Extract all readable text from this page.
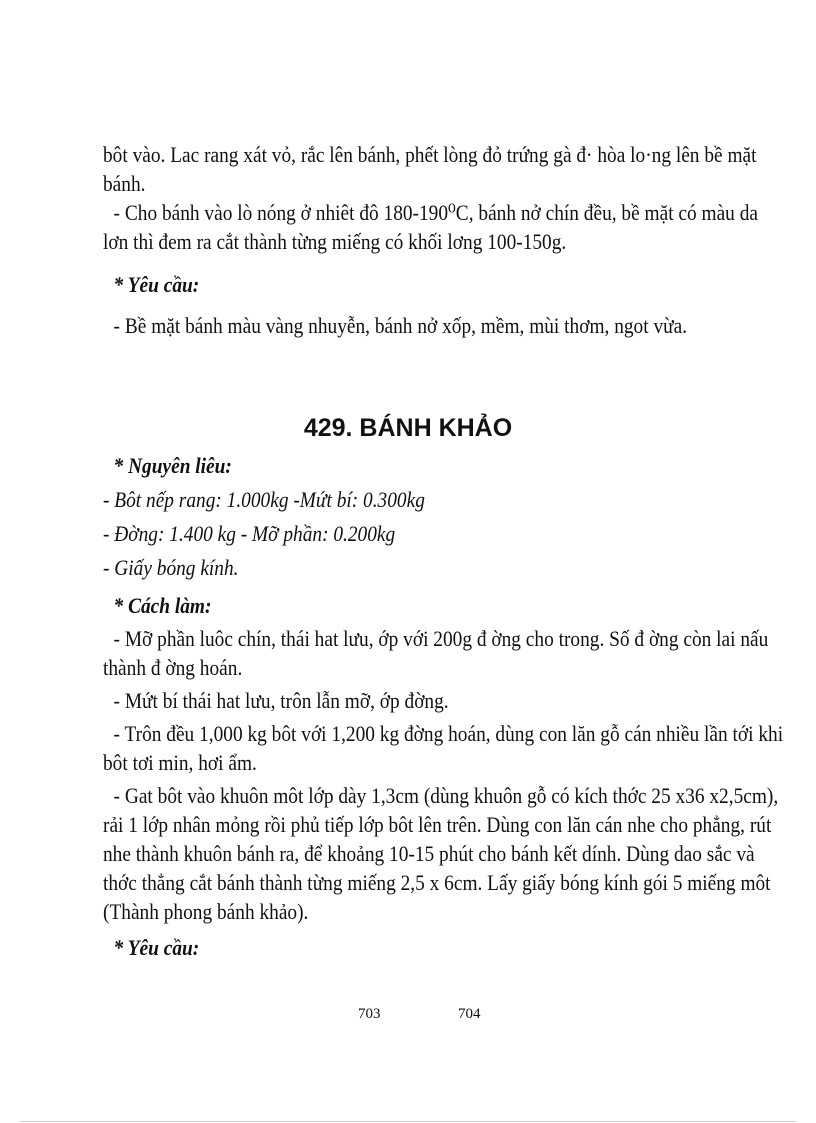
bôt vào. Lac rang xát vỏ, rắc lên bánh, phết lòng đỏ trứng gà đ· hòa lo·ng lên bề mặt
bánh.
- Cho bánh vào lò nóng ở nhiêt đô 180-190⁰C, bánh nở chín đều, bề mặt có màu da
lơn thì đem ra cắt thành từng miếng có khối lơng 100-150g.
* Yêu cầu:
- Bề mặt bánh màu vàng nhuyễn, bánh nở xốp, mềm, mùi thơm, ngot vừa.
429. BÁNH KHẢO
* Nguyên liêu:
- Bôt nếp rang: 1.000kg -Mứt bí: 0.300kg
- Đờng: 1.400 kg - Mỡ phần: 0.200kg
- Giấy bóng kính.
* Cách làm:
- Mỡ phần luôc chín, thái hat lưu, ớp với 200g đ ờng cho trong. Số đ ờng còn lai nấu
thành đ ờng hoán.
- Mứt bí thái hat lưu, trôn lẫn mỡ, ớp đờng.
- Trôn đều 1,000 kg bôt với 1,200 kg đờng hoán, dùng con lăn gỗ cán nhiều lần tới khi
bôt tơi min, hơi ẩm.
- Gat bôt vào khuôn môt lớp dày 1,3cm (dùng khuôn gỗ có kích thớc 25 x36 x2,5cm),
rải 1 lớp nhân mỏng rồi phủ tiếp lớp bôt lên trên. Dùng con lăn cán nhe cho phẳng, rút
nhe thành khuôn bánh ra, để khoảng 10-15 phút cho bánh kết dính. Dùng dao sắc và
thớc thẳng cắt bánh thành từng miếng 2,5 x 6cm. Lấy giấy bóng kính gói 5 miếng môt
(Thành phong bánh khảo).
* Yêu cầu:
703	704
